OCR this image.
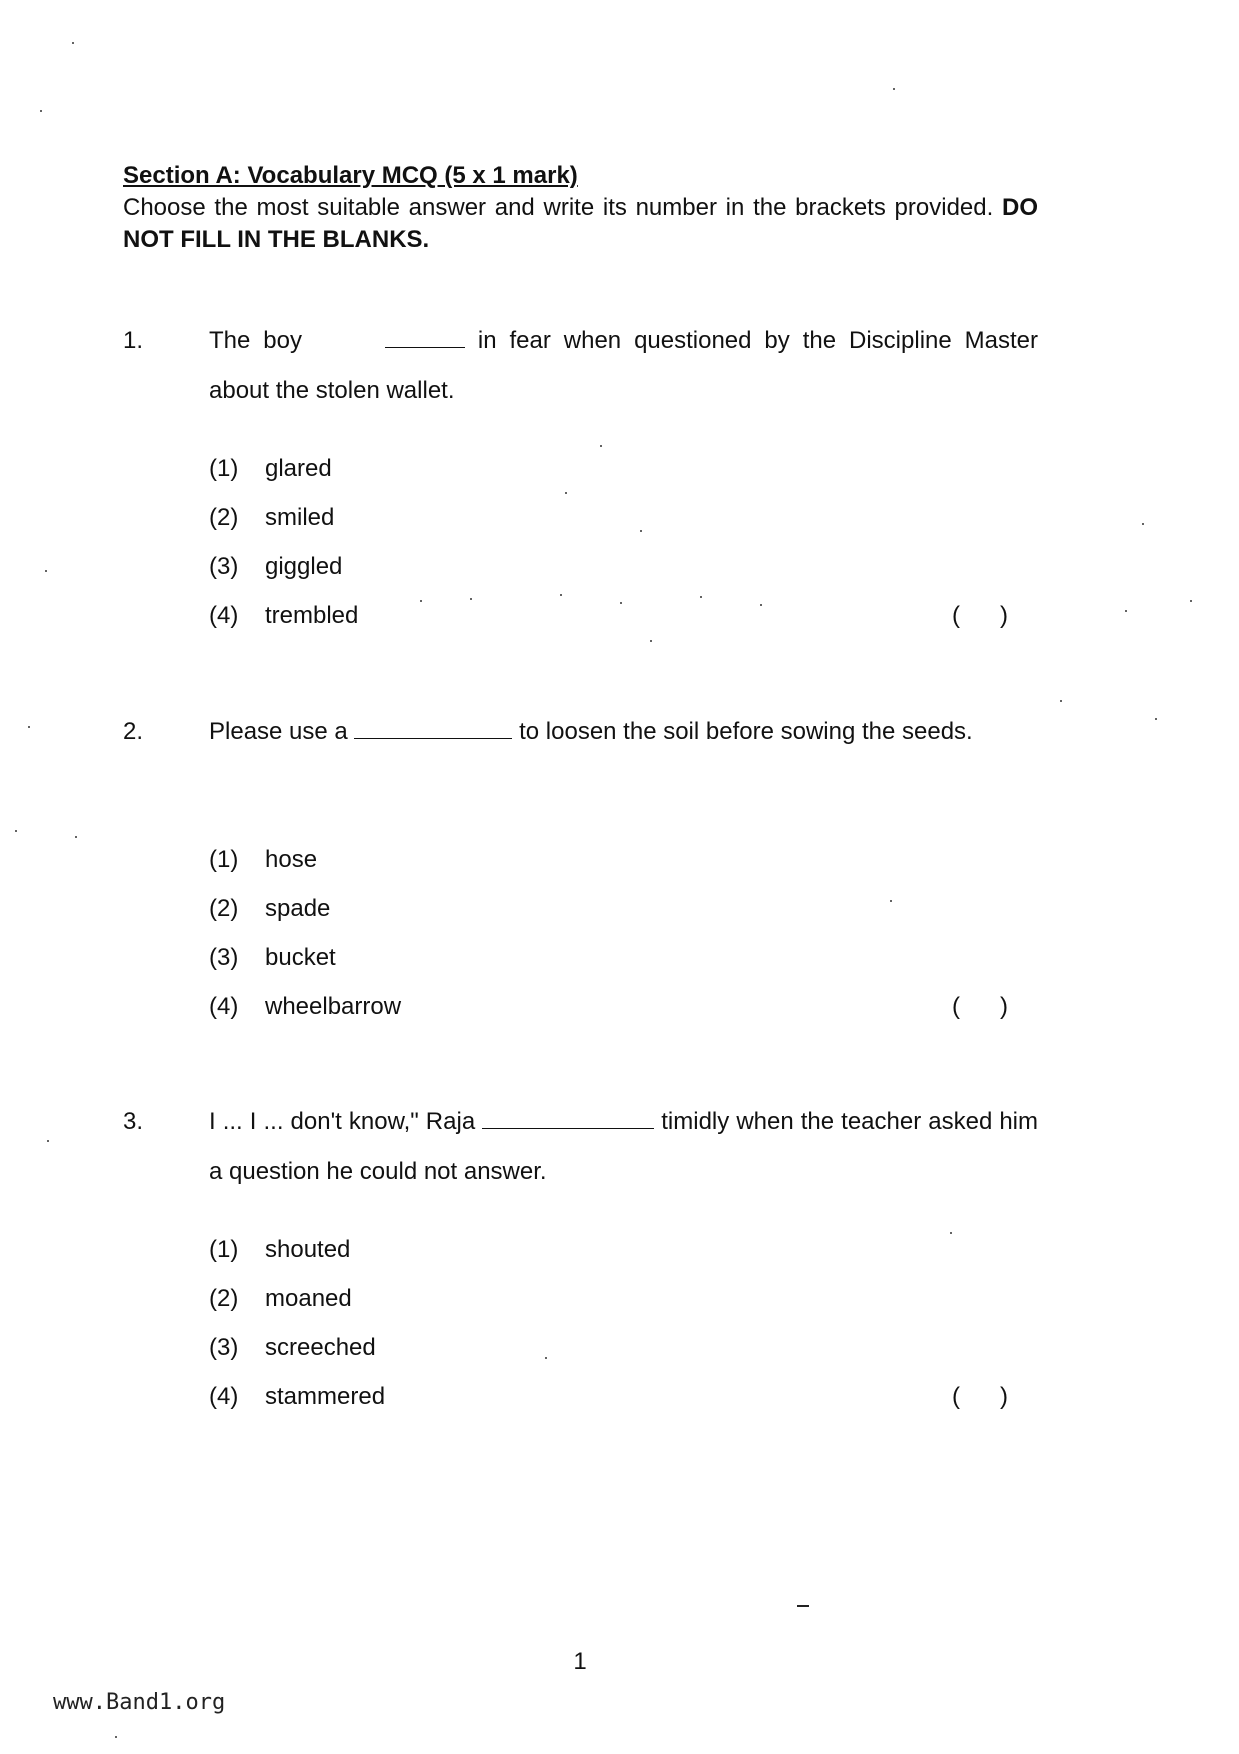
Section A: Vocabulary MCQ (5 x 1 mark)

Choose the most suitable answer and write its number in the brackets provided. DO NOT FILL IN THE BLANKS.

1.	The boy	in fear when questioned by the Discipline Master about the stolen wallet.
(1) glared
(2) smiled
(3) giggled
(4) trembled	(      )
2.	Please use a	to loosen the soil before sowing the seeds.
(1) hose
(2) spade
(3) bucket
(4) wheelbarrow	(      )
3.	I ... I ... don't know," Raja	timidly when the teacher asked him a question he could not answer.
(1) shouted
(2) moaned
(3) screeched
(4) stammered	(      )
1
www.Band1.org
